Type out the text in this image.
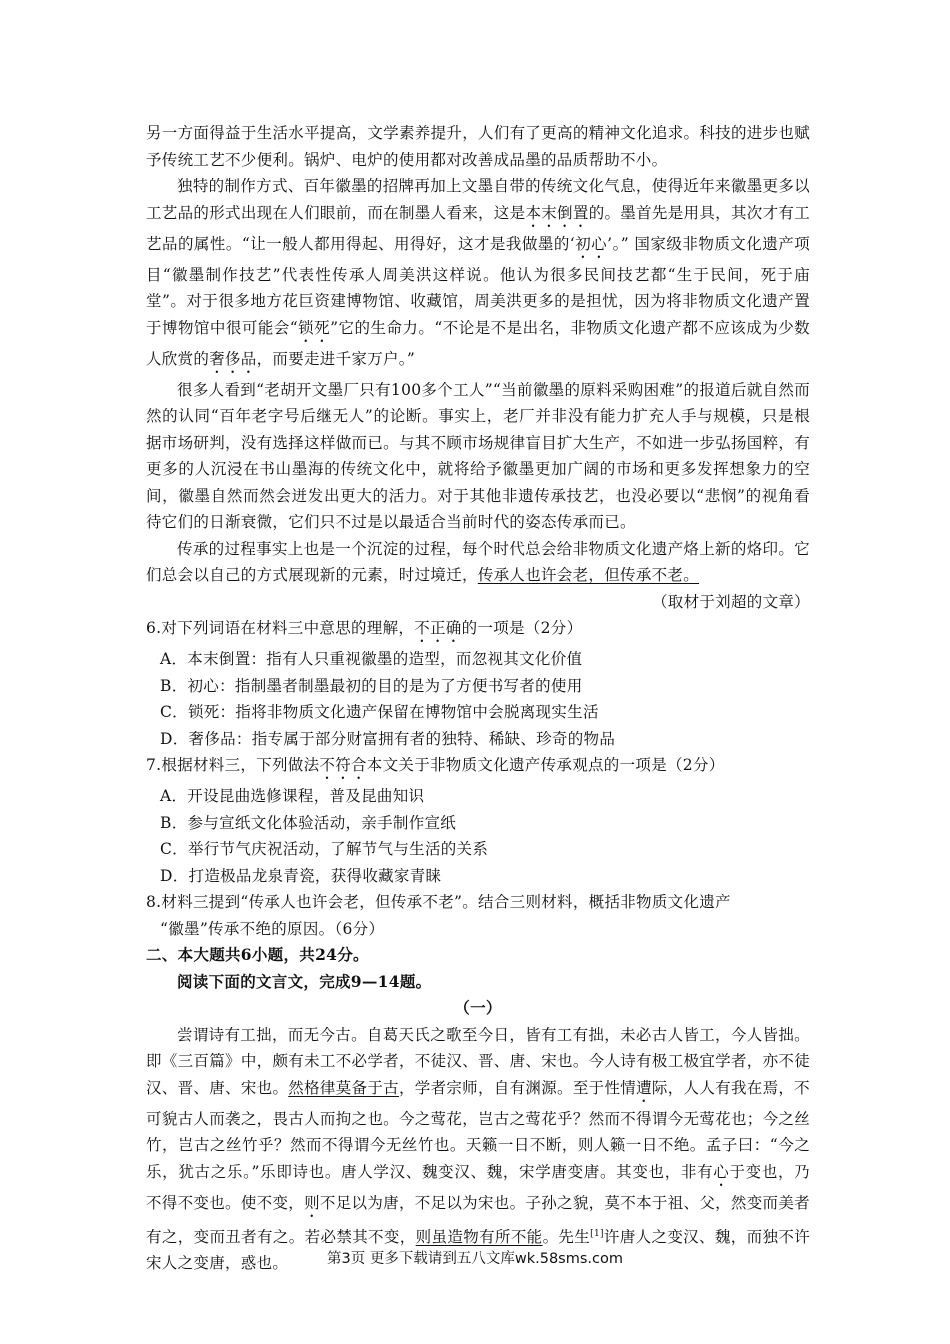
另一方面得益于生活水平提高，文学素养提升，人们有了更高的精神文化追求。科技的进步也赋予传统工艺不少便利。锅炉、电炉的使用都对改善成品墨的品质帮助不小。

独特的制作方式、百年徽墨的招牌再加上文墨自带的传统文化气息，使得近年来徽墨更多以工艺品的形式出现在人们眼前，而在制墨人看来，这是本末倒置的。墨首先是用具，其次才有工艺品的属性。“让一般人都用得起、用得好，这才是我做墨的‘初心’。” 国家级非物质文化遗产项目“徽墨制作技艺”代表性传承人周美洪这样说。他认为很多民间技艺都“生于民间，死于庙堂”。对于很多地方花巨资建博物馆、收藏馆，周美洪更多的是担忧，因为将非物质文化遗产置于博物馆中很可能会“锁死”它的生命力。“不论是不是出名，非物质文化遗产都不应该成为少数人欣赏的奢侈品，而要走进千家万户。”

很多人看到“老胡开文墨厂只有100多个工人”“当前徽墨的原料采购困难”的报道后就自然而然的认同“百年老字号后继无人”的论断。事实上，老厂并非没有能力扩充人手与规模，只是根据市场研判，没有选择这样做而已。与其不顾市场规律盲目扩大生产，不如进一步弘扬国粹，有更多的人沉浸在书山墨海的传统文化中，就将给予徽墨更加广阔的市场和更多发挥想象力的空间，徽墨自然而然会迸发出更大的活力。对于其他非遗传承技艺，也没必要以“悲悯”的视角看待它们的日渐衰微，它们只不过是以最适合当前时代的姿态传承而已。

传承的过程事实上也是一个沉淀的过程，每个时代总会给非物质文化遗产烙上新的烙印。它们总会以自己的方式展现新的元素，时过境迁，传承人也许会老，但传承不老。

（取材于刘超的文章）

6.对下列词语在材料三中意思的理解，不正确的一项是（2分）

A．本末倒置：指有人只重视徽墨的造型，而忽视其文化价值

B．初心：指制墨者制墨最初的目的是为了方便书写者的使用

C．锁死：指将非物质文化遗产保留在博物馆中会脱离现实生活

D．奢侈品：指专属于部分财富拥有者的独特、稀缺、珍奇的物品

7.根据材料三，下列做法不符合本文关于非物质文化遗产传承观点的一项是（2分）

A．开设昆曲选修课程，普及昆曲知识

B．参与宣纸文化体验活动，亲手制作宣纸

C．举行节气庆祝活动，了解节气与生活的关系

D．打造极品龙泉青瓷，获得收藏家青睐

8.材料三提到“传承人也许会老，但传承不老”。结合三则材料，概括非物质文化遗产

“徽墨”传承不绝的原因。（6分）

二、本大题共6小题，共24分。

阅读下面的文言文，完成9—14题。

（一）

尝谓诗有工拙，而无今古。自葛天氏之歌至今日，皆有工有拙，未必古人皆工，今人皆拙。即《三百篇》中，颇有未工不必学者，不徒汉、晋、唐、宋也。今人诗有极工极宜学者，亦不徒汉、晋、唐、宋也。然格律莫备于古，学者宗师，自有渊源。至于性情遭际，人人有我在焉，不可貌古人而袭之，畏古人而拘之也。今之莺花，岂古之莺花乎？然而不得谓今无莺花也；今之丝竹，岂古之丝竹乎？然而不得谓今无丝竹也。天籁一日不断，则人籁一日不绝。孟子曰：“今之乐，犹古之乐。”乐即诗也。唐人学汉、魏变汉、魏，宋学唐变唐。其变也，非有心于变也，乃不得不变也。使不变，则不足以为唐，不足以为宋也。子孙之貌，莫不本于祖、父，然变而美者有之，变而丑者有之。若必禁其不变，则虽造物有所不能。先生[1]许唐人之变汉、魏，而独不许宋人之变唐，惑也。	第3页 更多下载请到五八文库wk.58sms.com
